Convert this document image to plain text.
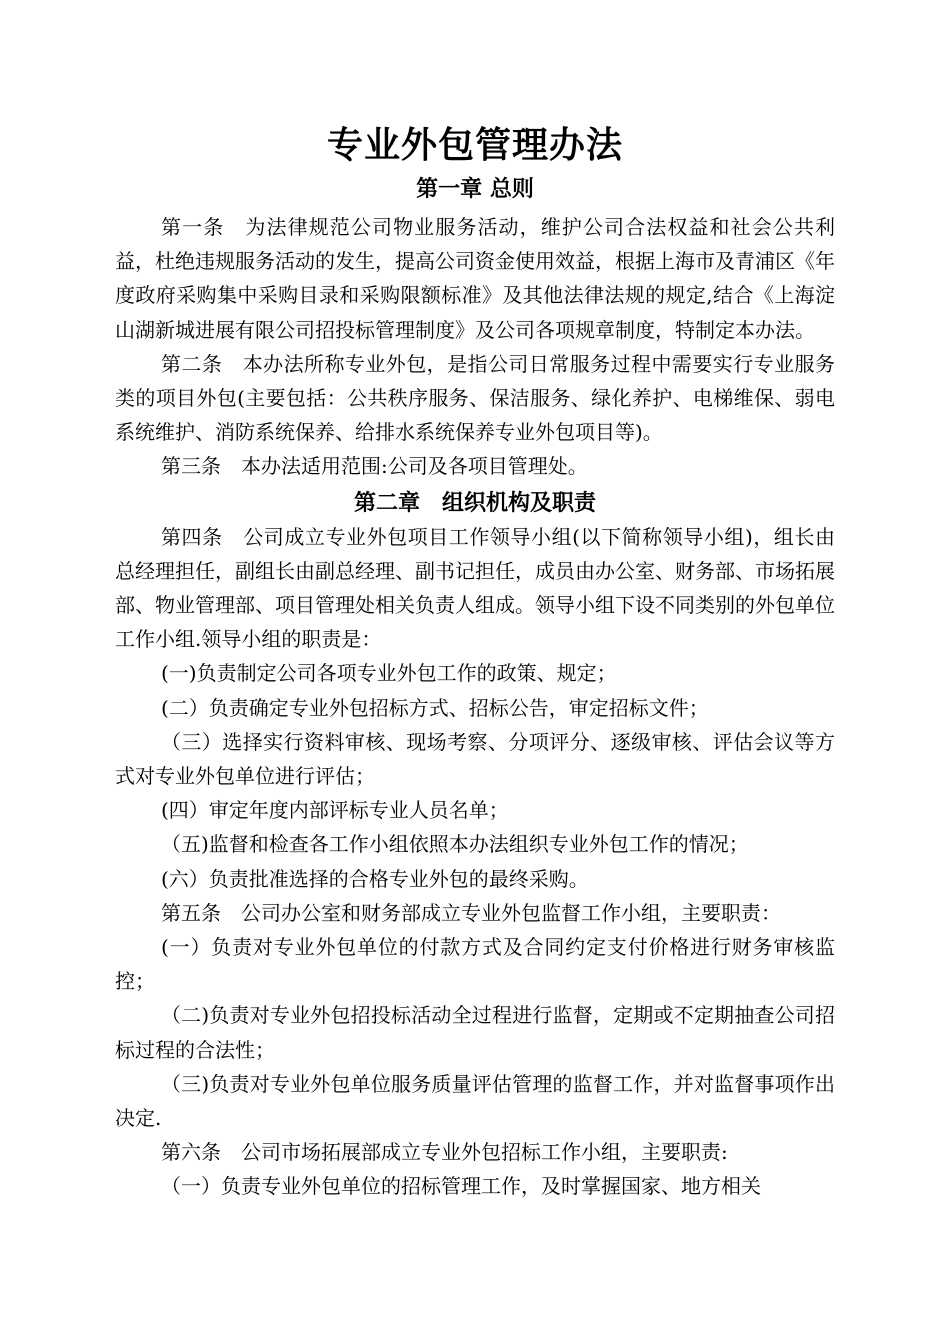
专业外包管理办法
第一章 总则

第一条　为法律规范公司物业服务活动，维护公司合法权益和社会公共利益，杜绝违规服务活动的发生，提高公司资金使用效益，根据上海市及青浦区《年度政府采购集中采购目录和采购限额标准》及其他法律法规的规定,结合《上海淀山湖新城进展有限公司招投标管理制度》及公司各项规章制度，特制定本办法。

第二条　本办法所称专业外包，是指公司日常服务过程中需要实行专业服务类的项目外包(主要包括：公共秩序服务、保洁服务、绿化养护、电梯维保、弱电系统维护、消防系统保养、给排水系统保养专业外包项目等)。

第三条　本办法适用范围:公司及各项目管理处。

第二章　组织机构及职责

第四条　公司成立专业外包项目工作领导小组(以下简称领导小组)，组长由总经理担任，副组长由副总经理、副书记担任，成员由办公室、财务部、市场拓展部、物业管理部、项目管理处相关负责人组成。领导小组下设不同类别的外包单位工作小组.领导小组的职责是：

(一)负责制定公司各项专业外包工作的政策、规定；

(二）负责确定专业外包招标方式、招标公告，审定招标文件；

（三）选择实行资料审核、现场考察、分项评分、逐级审核、评估会议等方式对专业外包单位进行评估；

(四）审定年度内部评标专业人员名单；

（五)监督和检查各工作小组依照本办法组织专业外包工作的情况；

(六）负责批准选择的合格专业外包的最终采购。

第五条　公司办公室和财务部成立专业外包监督工作小组，主要职责：

(一）负责对专业外包单位的付款方式及合同约定支付价格进行财务审核监控；

（二)负责对专业外包招投标活动全过程进行监督，定期或不定期抽查公司招标过程的合法性；

（三)负责对专业外包单位服务质量评估管理的监督工作，并对监督事项作出决定.

第六条　公司市场拓展部成立专业外包招标工作小组，主要职责:

（一）负责专业外包单位的招标管理工作，及时掌握国家、地方相关
